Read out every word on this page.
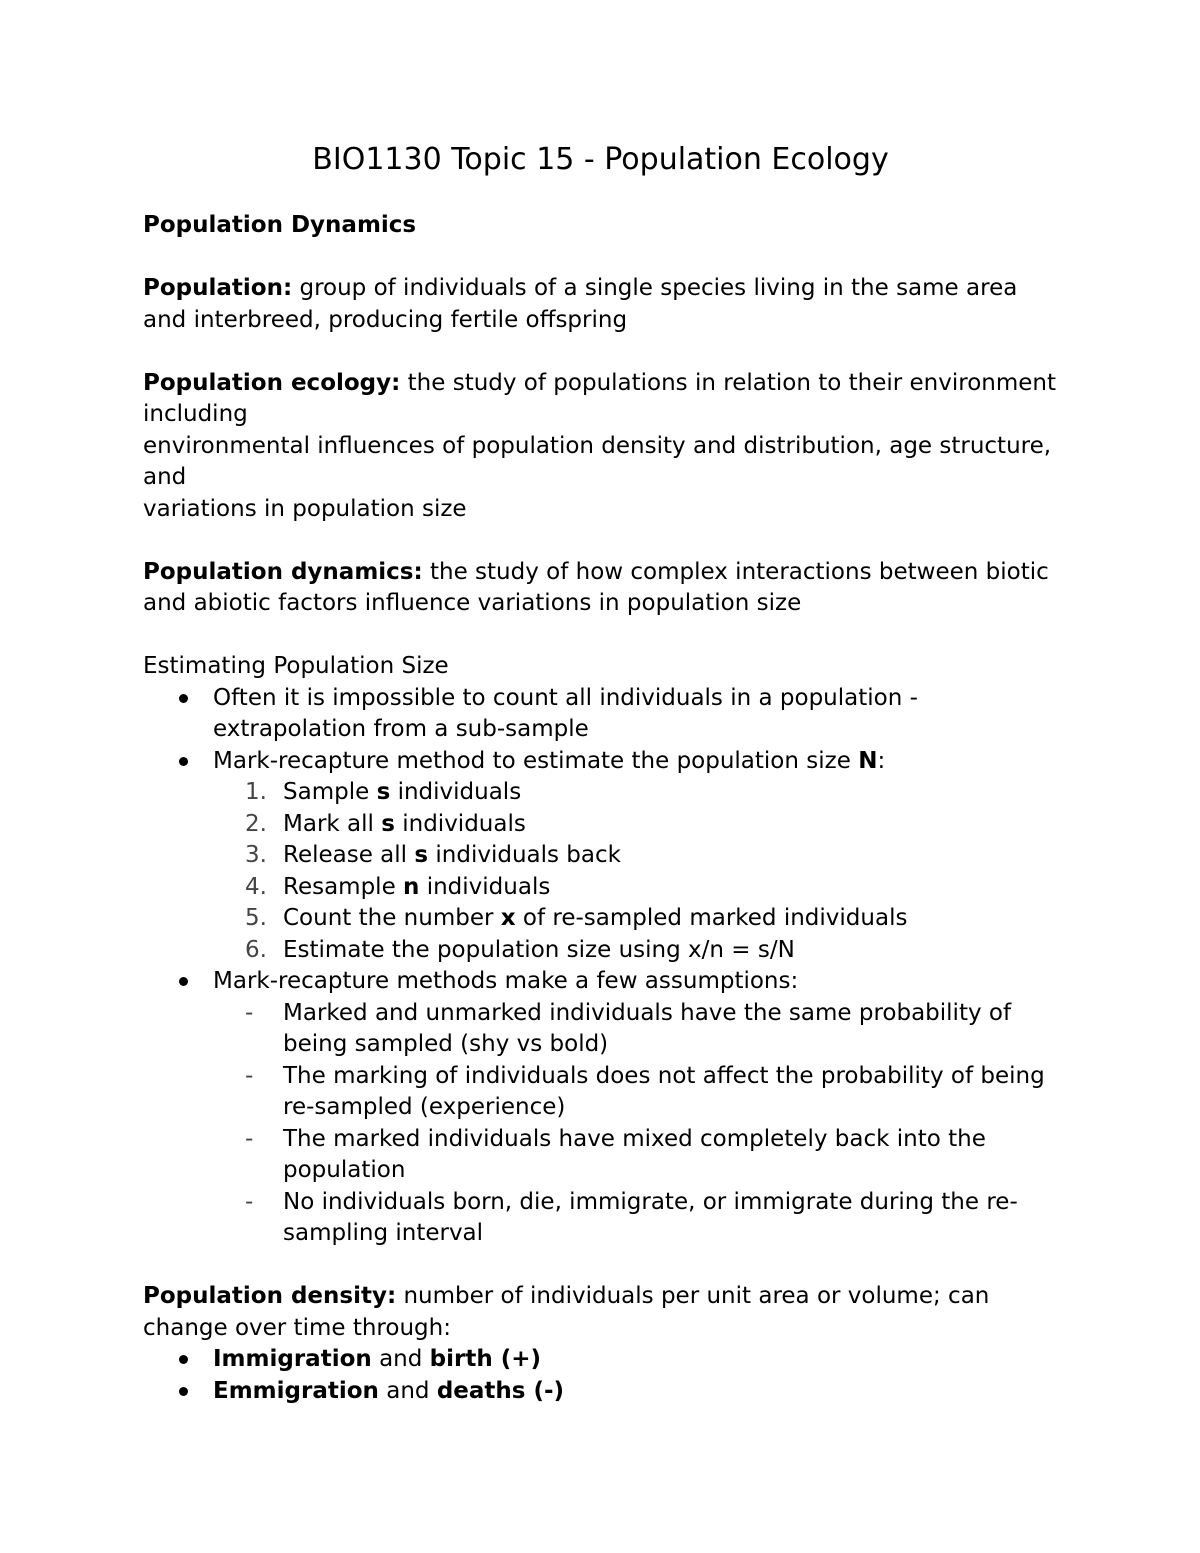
BIO1130 Topic 15 - Population Ecology

Population Dynamics

Population: group of individuals of a single species living in the same area and interbreed, producing fertile offspring

Population ecology: the study of populations in relation to their environment including

environmental influences of population density and distribution, age structure, and

variations in population size

Population dynamics: the study of how complex interactions between biotic and abiotic factors influence variations in population size

Estimating Population Size

Often it is impossible to count all individuals in a population - extrapolation from a sub-sample
Mark-recapture method to estimate the population size N:
1. Sample s individuals
2. Mark all s individuals
3. Release all s individuals back
4. Resample n individuals
5. Count the number x of re-sampled marked individuals
6. Estimate the population size using x/n = s/N
Mark-recapture methods make a few assumptions:
- Marked and unmarked individuals have the same probability of being sampled (shy vs bold)
- The marking of individuals does not affect the probability of being re-sampled (experience)
- The marked individuals have mixed completely back into the population
- No individuals born, die, immigrate, or immigrate during the re-sampling interval

Population density: number of individuals per unit area or volume; can change over time through:

Immigration and birth (+)
Emmigration and deaths (-)
